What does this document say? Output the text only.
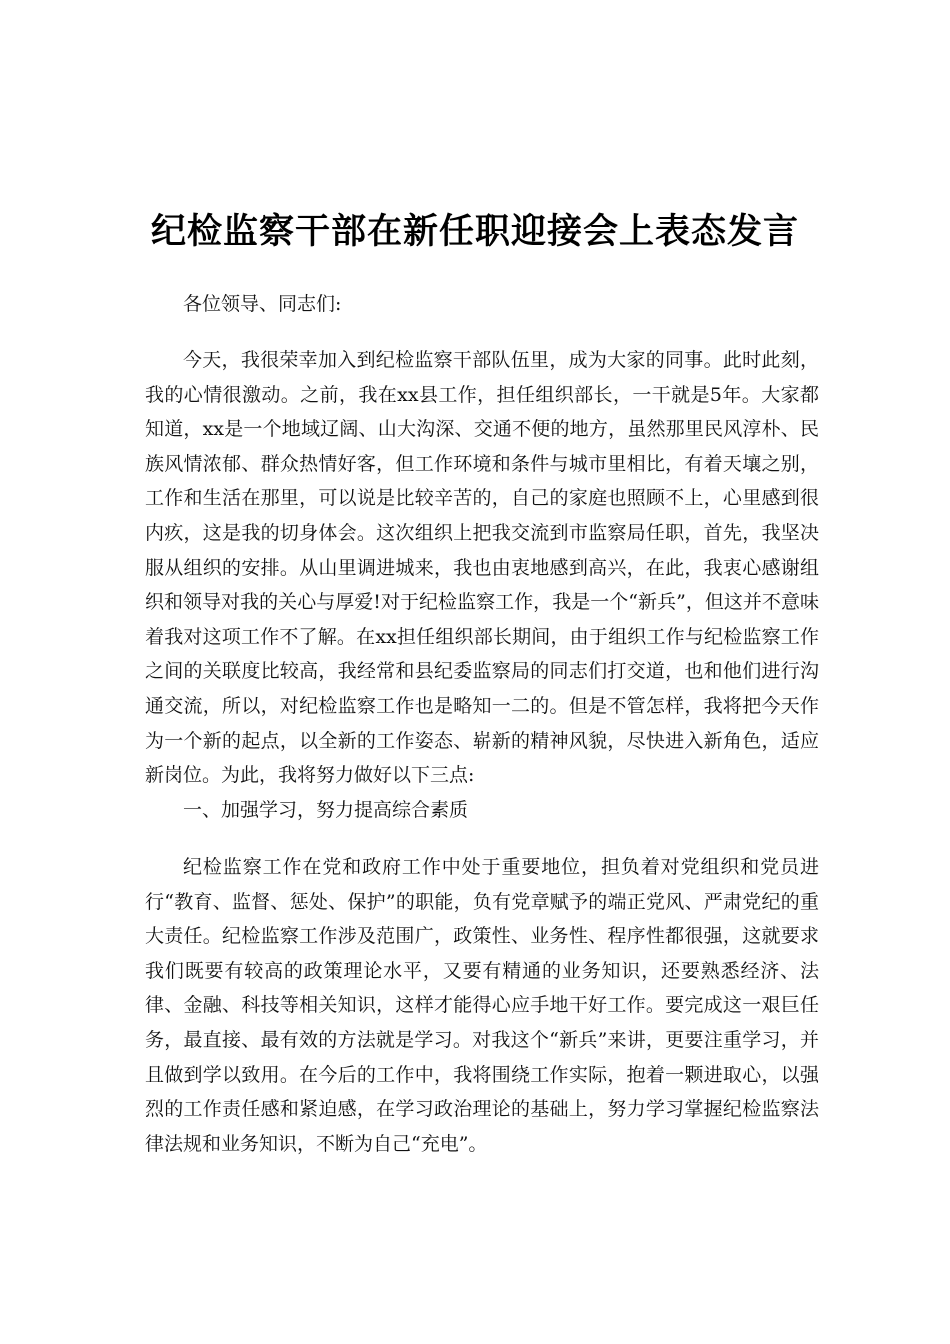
纪检监察干部在新任职迎接会上表态发言

各位领导、同志们:

今天，我很荣幸加入到纪检监察干部队伍里，成为大家的同事。此时此刻，我的心情很激动。之前，我在xx县工作，担任组织部长，一干就是5年。大家都知道，xx是一个地域辽阔、山大沟深、交通不便的地方，虽然那里民风淳朴、民族风情浓郁、群众热情好客，但工作环境和条件与城市里相比，有着天壤之别，工作和生活在那里，可以说是比较辛苦的，自己的家庭也照顾不上，心里感到很内疚，这是我的切身体会。这次组织上把我交流到市监察局任职，首先，我坚决服从组织的安排。从山里调进城来，我也由衷地感到高兴，在此，我衷心感谢组织和领导对我的关心与厚爱!对于纪检监察工作，我是一个“新兵”，但这并不意味着我对这项工作不了解。在xx担任组织部长期间，由于组织工作与纪检监察工作之间的关联度比较高，我经常和县纪委监察局的同志们打交道，也和他们进行沟通交流，所以，对纪检监察工作也是略知一二的。但是不管怎样，我将把今天作为一个新的起点，以全新的工作姿态、崭新的精神风貌，尽快进入新角色，适应新岗位。为此，我将努力做好以下三点:

一、加强学习，努力提高综合素质

纪检监察工作在党和政府工作中处于重要地位，担负着对党组织和党员进行“教育、监督、惩处、保护”的职能，负有党章赋予的端正党风、严肃党纪的重大责任。纪检监察工作涉及范围广，政策性、业务性、程序性都很强，这就要求我们既要有较高的政策理论水平，又要有精通的业务知识，还要熟悉经济、法律、金融、科技等相关知识，这样才能得心应手地干好工作。要完成这一艰巨任务，最直接、最有效的方法就是学习。对我这个“新兵”来讲，更要注重学习，并且做到学以致用。在今后的工作中，我将围绕工作实际，抱着一颗进取心，以强烈的工作责任感和紧迫感，在学习政治理论的基础上，努力学习掌握纪检监察法律法规和业务知识，不断为自己“充电”。
